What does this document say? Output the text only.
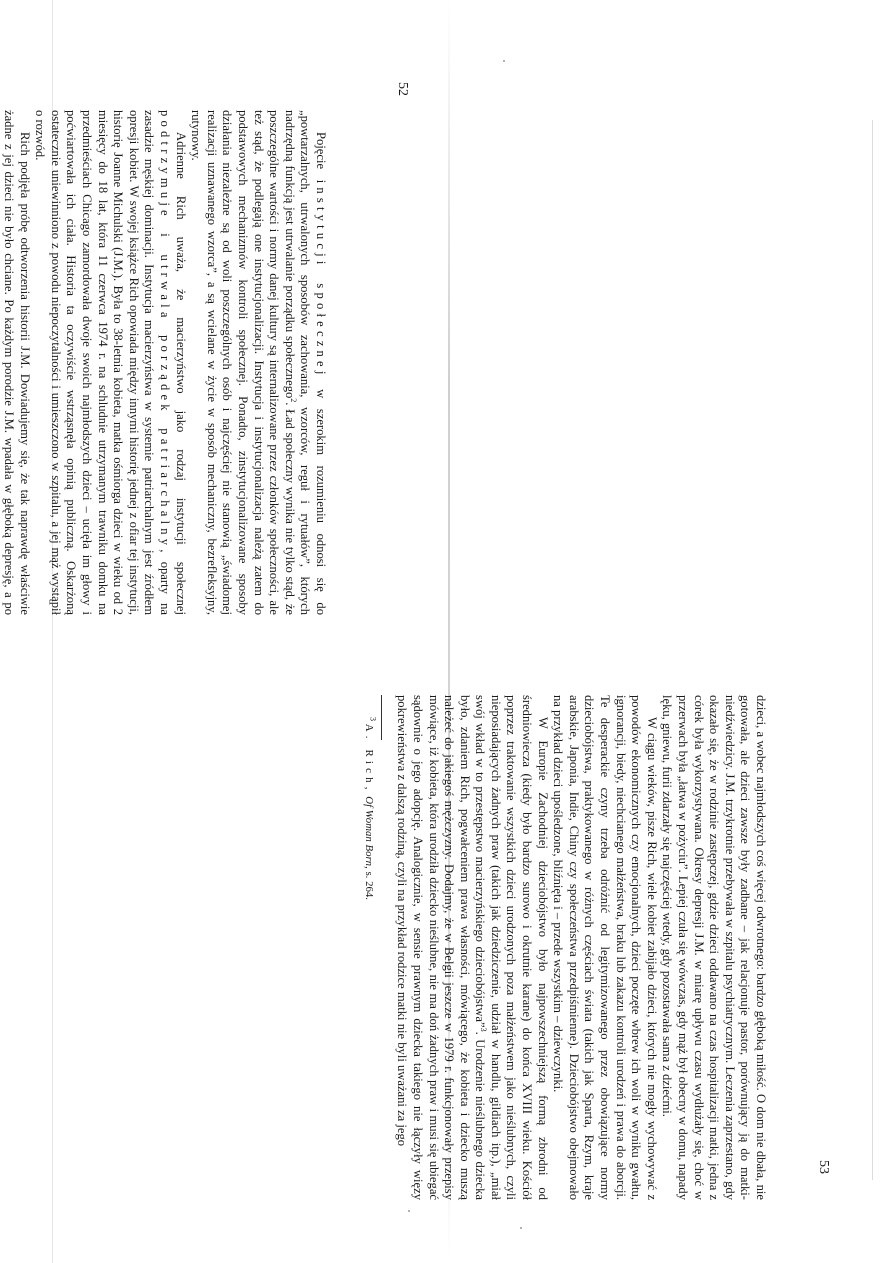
52

Pojęcie instytucji społecznej w szerokim rozumieniu odnosi się do „powtarzalnych, utrwalonych sposobów zachowania, wzorców, reguł i rytuałów”, których nadrzędną funkcją jest utrwalanie porządku społecznego$^2$. Ład społeczny wynika nie tylko stąd, że poszczególne wartości i normy danej kultury są internalizowane przez członków społeczności, ale też stąd, że podlegają one instytucjonalizacji. Instytucja i instytucjonalizacja należą zatem do podstawowych mechanizmów kontroli społecznej. Ponadto, zinstytucjonalizowane sposoby działania niezależne są od woli poszczególnych osób i najczęściej nie stanowią „świadomej realizacji uznawanego wzorca”, a są wcielane w życie w sposób mechaniczny, bezrefleksyjny, rutynowy.

Adrienne Rich uważa, że macierzyństwo jako rodzaj instytucji społecznej podtrzymuje i utrwala porządek patriarchalny, oparty na zasadzie męskiej dominacji. Instytucja macierzyństwa w systemie patriarchalnym jest źródłem opresji kobiet. W swojej książce Rich opowiada między innymi historię jednej z ofiar tej instytucji, historię Joanne Michulski (J.M.). Była to 38-letnia kobieta, matka ośmiorga dzieci w wieku od 2 miesięcy do 18 lat, która 11 czerwca 1974 r. na schludnie utrzymanym trawniku domku na przedmieściach Chicago zamordowała dwoje swoich najmłodszych dzieci – ucięła im głowy i poćwiartowała ich ciała. Historia ta oczywiście wstrząsnęła opinią publiczną. Oskarżoną ostatecznie uniewinniono z powodu niepoczytalności i umieszczono w szpitalu, a jej mąż wystąpił o rozwód.

Rich podjęła próbę odtworzenia historii J.M. Dowiadujemy się, że tak naprawdę właściwie żadne z jej dzieci nie było chciane. Po każdym porodzie J.M. wpadała w głęboką depresję, a po

53

dzieci, a wobec najmłodszych coś więcej odwrotnego: bardzo głęboką miłość. O dom nie dbała, nie gotowała, ale dzieci zawsze były zadbane – jak relacjonuje pastor, porównujący ją do matki-niedźwiedzicy. J.M. trzykrotnie przebywała w szpitalu psychiatrycznym. Leczenia zaprzestano, gdy okazało się, że w rodzinie zastępczej, gdzie dzieci oddawano na czas hospitalizacji matki, jedna z córek była wykorzystywana. Okresy depresji J.M. w miarę upływu czasu wydłużały się, choć w przerwach była „łatwa w pożyciu”. Lepiej czuła się wówczas, gdy mąż był obecny w domu, napady lęku, gniewu, furii zdarzały się najczęściej wtedy, gdy pozostawała sama z dziećmi.

W ciągu wieków, pisze Rich, wiele kobiet zabijało dzieci, których nie mogły wychowywać z powodów ekonomicznych czy emocjonalnych, dzieci poczęte wbrew ich woli w wyniku gwałtu, ignorancji, biedy, niechcianego małżeństwa, braku lub zakazu kontroli urodzeń i prawa do aborcji. Te desperackie czyny trzeba odróżnić od legitymizowanego przez obowiązujące normy dzieciobójstwa, praktykowanego w różnych częściach świata (takich jak Sparta, Rzym, kraje arabskie, Japonia, Indie, Chiny czy społeczeństwa przedpiśmienne). Dzieciobójstwo obejmowało na przykład dzieci upośledzone, bliźnięta i – przede wszystkim – dziewczynki.

W Europie Zachodniej dzieciobójstwo było najpowszechniejszą formą zbrodni od średniowiecza (kiedy było bardzo surowo i okrutnie karane) do końca XVIII wieku. Kościół poprzez traktowanie wszystkich dzieci urodzonych poza małżeństwem jako nieślubnych, czyli nieposiadających żadnych praw (takich jak dziedziczenie, udział w handlu, gildiach itp.), „miał swój wkład w to przestępstwo macierzyńskiego dzieciobójstwa”$^3$. Urodzenie nieślubnego dziecka było, zdaniem Rich, pogwałceniem prawa własności, mówiącego, że kobieta i dziecko muszą należeć do jakiegoś mężczyzny. Dodajmy, że w Belgii jeszcze w 1979 r. funkcjonowały przepisy mówiące, iż kobieta, która urodziła dziecko nieślubne, nie ma doń żadnych praw i musi się ubiegać sądownie o jego adopcję. Analogicznie, w sensie prawnym dziecka takiego nie łączyły więzy pokrewieństwa z dalszą rodziną, czyli na przykład rodzice matki nie byli uważani za jego

$^3$ A. Rich, Of Woman Born, s. 264.
